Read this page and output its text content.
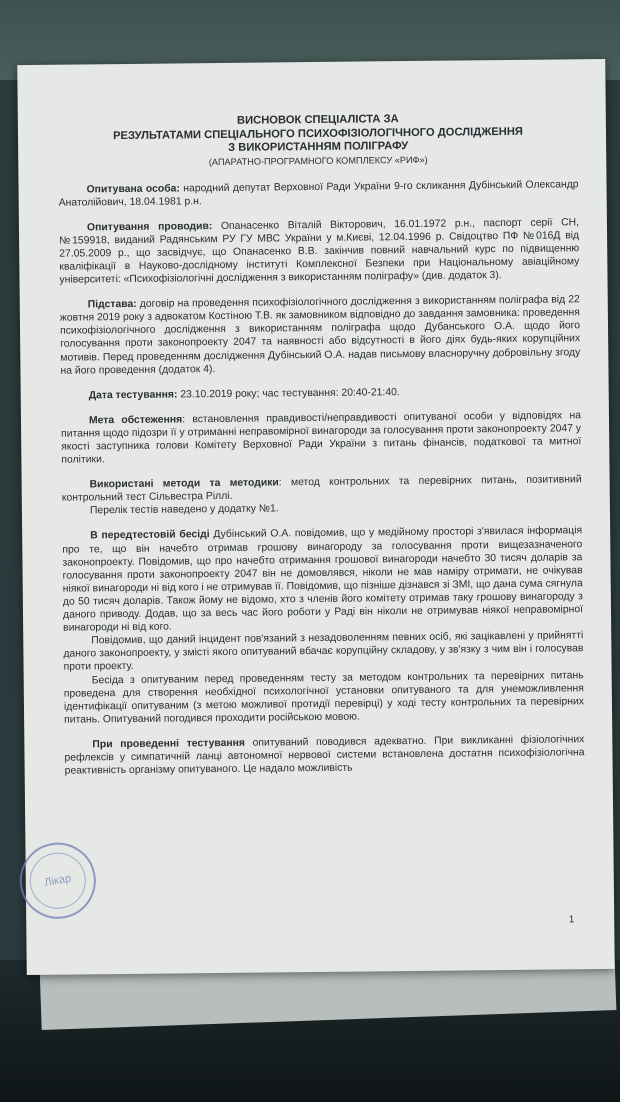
ВИСНОВОК СПЕЦІАЛІСТА ЗА

РЕЗУЛЬТАТАМИ СПЕЦІАЛЬНОГО ПСИХОФІЗІОЛОГІЧНОГО ДОСЛІДЖЕННЯ

З ВИКОРИСТАННЯМ ПОЛІГРАФУ

(АПАРАТНО-ПРОГРАМНОГО КОМПЛЕКСУ «РИФ»)

Опитувана особа: народний депутат Верховної Ради України 9-го скликання Дубінський Олександр Анатолійович, 18.04.1981 р.н.

Опитування проводив: Опанасенко Віталій Вікторович, 16.01.1972 р.н., паспорт серії СН, №159918, виданий Радянським РУ ГУ МВС України у м.Києві, 12.04.1996 р. Свідоцтво ПФ №016Д від 27.05.2009 р., що засвідчує, що Опанасенко В.В. закінчив повний навчальний курс по підвищенню кваліфікації в Науково-дослідному інституті Комплексної Безпеки при Національному авіаційному університеті: «Психофізіологічні дослідження з використанням поліграфу» (див. додаток 3).

Підстава: договір на проведення психофізіологічного дослідження з використанням поліграфа від 22 жовтня 2019 року з адвокатом Костіною Т.В. як замовником відповідно до завдання замовника: проведення психофізіологічного дослідження з використанням поліграфа щодо Дубанського О.А. щодо його голосування проти законопроекту 2047 та наявності або відсутності в його діях будь-яких корупційних мотивів. Перед проведенням дослідження Дубінський О.А. надав письмову власноручну добровільну згоду на його проведення (додаток 4).

Дата тестування: 23.10.2019 року; час тестування: 20:40-21:40.

Мета обстеження: встановлення правдивості/неправдивості опитуваної особи у відповідях на питання щодо підозри її у отриманні неправомірної винагороди за голосування проти законопроекту 2047 у якості заступника голови Комітету Верховної Ради України з питань фінансів, податкової та митної політики.

Використані методи та методики: метод контрольних та перевірних питань, позитивний контрольний тест Сільвестра Ріллі.

Перелік тестів наведено у додатку №1.

В передтестовій бесіді Дубінський О.А. повідомив, що у медійному просторі з'явилася інформація про те, що він начебто отримав грошову винагороду за голосування проти вищезазначеного законопроекту. Повідомив, що про начебто отримання грошової винагороди начебто 30 тисяч доларів за голосування проти законопроекту 2047 він не домовлявся, ніколи не мав наміру отримати, не очікував ніякої винагороди ні від кого і не отримував її. Повідомив, що пізніше дізнався зі ЗМІ, що дана сума сягнула до 50 тисяч доларів. Також йому не відомо, хто з членів його комітету отримав таку грошову винагороду з даного приводу. Додав, що за весь час його роботи у Раді він ніколи не отримував ніякої неправомірної винагороди ні від кого.

Повідомив, що даний інцидент пов'язаний з незадоволенням певних осіб, які зацікавлені у прийнятті даного законопроекту, у змісті якого опитуваний вбачає корупційну складову, у зв'язку з чим він і голосував проти проекту.

Бесіда з опитуваним перед проведенням тесту за методом контрольних та перевірних питань проведена для створення необхідної психологічної установки опитуваного та для унеможливлення ідентифікації опитуваним (з метою можливої протидії перевірці) у ході тесту контрольних та перевірних питань. Опитуваний погодився проходити російською мовою.

При проведенні тестування опитуваний поводився адекватно. При викликанні фізіологічних рефлексів у симпатичній ланці автономної нервової системи встановлена достатня психофізіологічна реактивність організму опитуваного. Це надало можливість

Лікар
1
